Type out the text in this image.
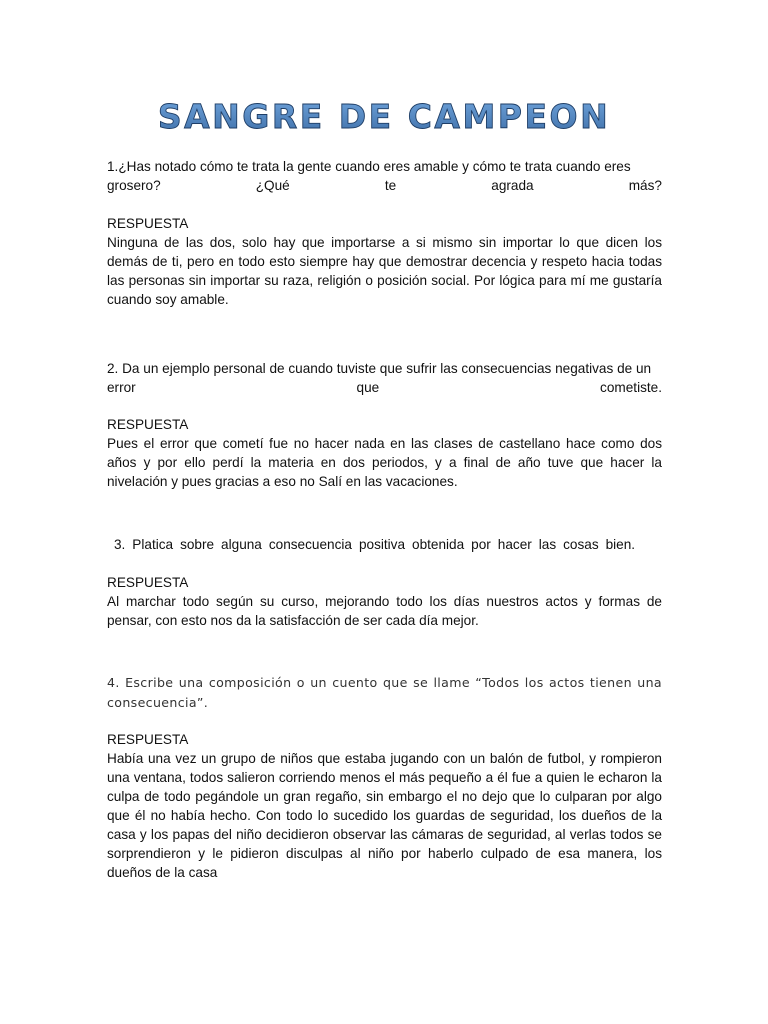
SANGRE DE CAMPEON

1.¿Has notado cómo te trata la gente cuando eres amable y cómo te trata cuando eres

grosero?	¿Qué	te	agrada	más?

RESPUESTA

Ninguna de las dos, solo hay que importarse a si mismo sin importar lo que dicen los demás de ti, pero en todo esto siempre hay que demostrar decencia y respeto hacia todas las personas sin importar su raza, religión o posición social. Por lógica para mí me gustaría cuando soy amable.

2. Da un ejemplo personal de cuando tuviste que sufrir las consecuencias negativas de un

error	que	cometiste.

RESPUESTA

Pues el error que cometí fue no hacer nada en las clases de castellano hace como dos años y por ello perdí la materia en dos periodos, y a final de año tuve que hacer la nivelación y pues gracias a eso no Salí en las vacaciones.

3. Platica sobre alguna consecuencia positiva obtenida por hacer las cosas bien.

RESPUESTA

Al marchar todo según su curso, mejorando todo los días nuestros actos y formas de pensar, con esto nos da la satisfacción de ser cada día mejor.

4. Escribe una composición o un cuento que se llame “Todos los actos tienen una consecuencia”.

RESPUESTA

Había una vez un grupo de niños que estaba jugando con un balón de futbol, y rompieron una ventana, todos salieron corriendo menos el más pequeño a él fue a quien le echaron la culpa de todo pegándole un gran regaño, sin embargo el no dejo que lo culparan por algo que él no había hecho. Con todo lo sucedido los guardas de seguridad, los dueños de la casa y los papas del niño decidieron observar las cámaras de seguridad, al verlas todos se sorprendieron y le pidieron disculpas al niño por haberlo culpado de esa manera, los dueños de la casa
